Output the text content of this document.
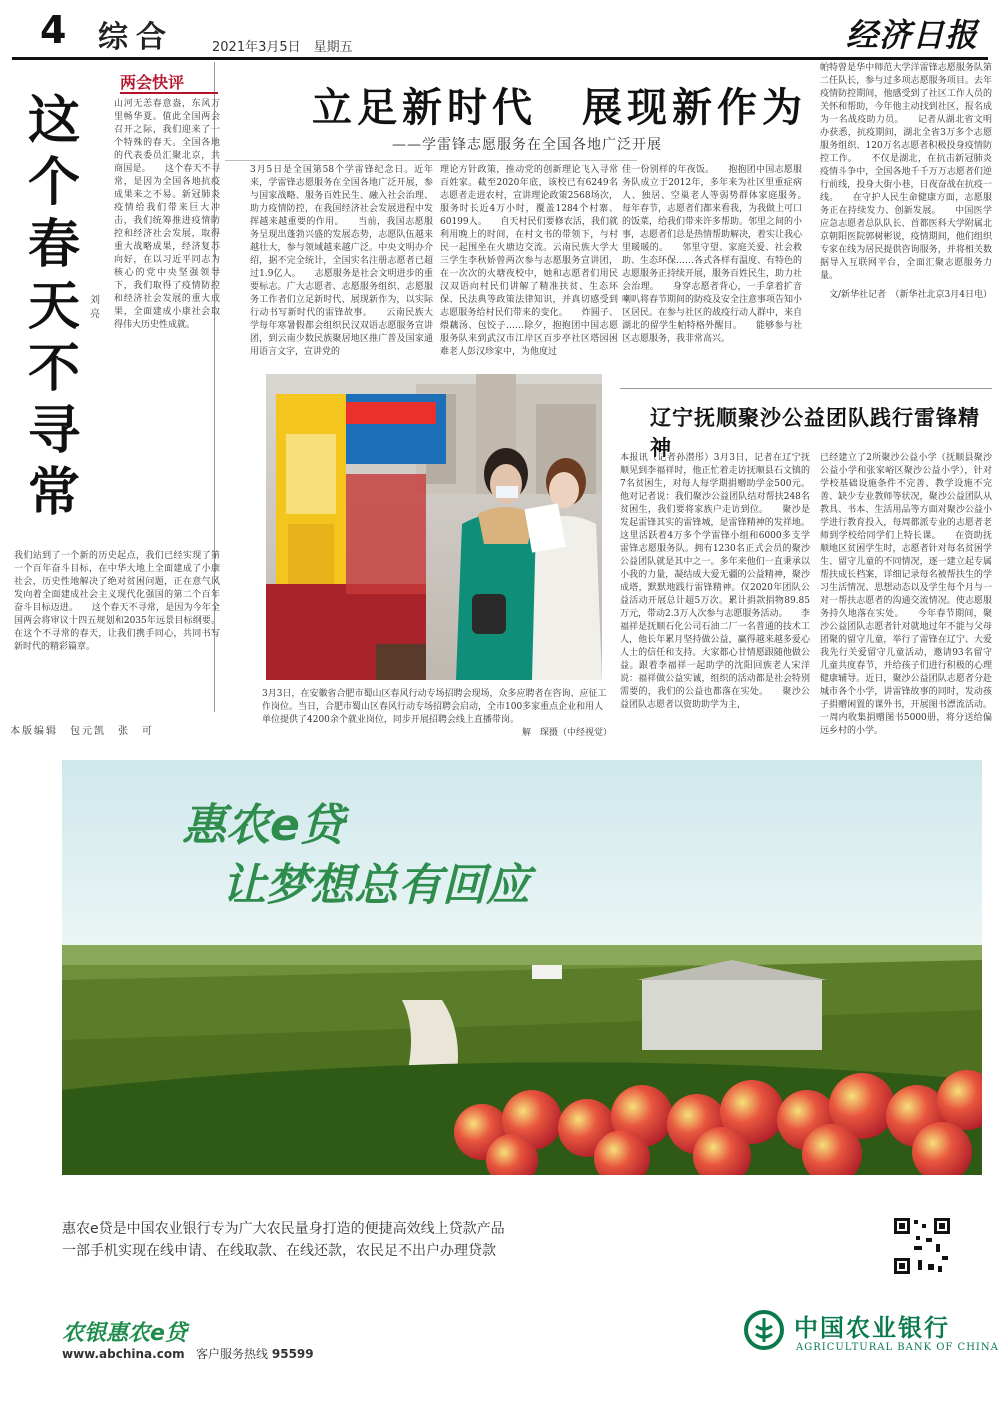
4 综合	2021年3月5日　星期五	经济日报
两会快评
这
个
春
天
不
寻
常
刘亮
山河无恙春意盎，东风万里畅华夏。值此全国两会召开之际，我们迎来了一个特殊的春天。全国各地的代表委员汇聚北京，共商国是。　　这个春天不寻常，是因为全国各地抗疫成果来之不易。新冠肺炎疫情给我们带来巨大冲击，我们统筹推进疫情防控和经济社会发展，取得重大战略成果，经济复苏向好，在以习近平同志为核心的党中央坚强领导下，我们取得了疫情防控和经济社会发展的重大成果，全面建成小康社会取得伟大历史性成就。
我们站到了一个新的历史起点，我们已经实现了第一个百年奋斗目标，在中华大地上全面建成了小康社会，历史性地解决了绝对贫困问题，正在意气风发向着全面建成社会主义现代化强国的第二个百年奋斗目标迈进。　　这个春天不寻常，是因为今年全国两会将审议十四五规划和2035年远景目标纲要。在这个不寻常的春天，让我们携手同心，共同书写新时代的精彩篇章。
本版编辑　包元凯　张　可
立足新时代　展现新作为
——学雷锋志愿服务在全国各地广泛开展
3月5日是全国第58个学雷锋纪念日。近年来，学雷锋志愿服务在全国各地广泛开展，参与国家战略、服务百姓民生、融入社会治理、助力疫情防控，在我国经济社会发展进程中发挥越来越重要的作用。　　当前，我国志愿服务呈现出蓬勃兴盛的发展态势，志愿队伍越来越壮大，参与领域越来越广泛。中央文明办介绍，据不完全统计，全国实名注册志愿者已超过1.9亿人。　　志愿服务是社会文明进步的重要标志。广大志愿者、志愿服务组织、志愿服务工作者们立足新时代、展现新作为，以实际行动书写新时代的雷锋故事。　　云南民族大学每年寒暑假都会组织民汉双语志愿服务宣讲团，到云南少数民族聚居地区推广普及国家通用语言文字，宣讲党的
理论方针政策，推动党的创新理论飞入寻常百姓家。截至2020年底，该校已有6249名志愿者走进农村，宣讲理论政策2568场次，服务时长近4万小时，覆盖1284个村寨、60199人。　　自天村民们要修农活，我们就利用晚上的时间，在村文书的带领下，与村民一起围坐在火塘边交流。云南民族大学大三学生李秋娇曾两次参与志愿服务宣讲团，在一次次的火塘夜校中，她和志愿者们用民汉双语向村民们讲解了精准扶贫、生态环保、民法典等政策法律知识，并真切感受到志愿服务给村民们带来的变化。　　炸圆子、煨藕汤、包饺子……除夕，抱抱团中国志愿服务队来到武汉市江岸区百步亭社区塔园困难老人彭汉珍家中，为他度过
佳一份别样的年夜饭。　　抱抱团中国志愿服务队成立于2012年，多年来为社区里重症病人、独居、空巢老人等弱势群体家庭服务。　　每年春节，志愿者们都来看我，为我做上可口的饭菜，给我们带来许多帮助。邻里之间的小事，志愿者们总是热情帮助解决，着实让我心里暖暖的。　　邻里守望、家庭关爱、社会救助、生态环保……各式各样有温度、有特色的志愿服务正持续开展，服务百姓民生，助力社会治理。　　身穿志愿者背心，一手拿着扩音喇叭将春节期间的防疫及安全注意事项告知小区居民。在参与社区的战疫行动人群中，来自湖北的留学生帕特格外醒目。　　能够参与社区志愿服务，我非常高兴。
3月3日，在安徽省合肥市蜀山区春风行动专场招聘会现场，众多应聘者在咨询、应征工作岗位。当日，合肥市蜀山区春风行动专场招聘会启动，全市100多家重点企业和用人单位提供了4200余个就业岗位，同步开展招聘会线上直播带岗。
解　琛摄（中经视觉）
帕特曾是华中师范大学洋雷锋志愿服务队第二任队长，参与过多项志愿服务项目。去年疫情防控期间，他感受到了社区工作人员的关怀和帮助，今年他主动找到社区，报名成为一名战疫助力员。　　记者从湖北省文明办获悉，抗疫期间，湖北全省3万多个志愿服务组织、120万名志愿者积极投身疫情防控工作。　　不仅是湖北，在抗击新冠肺炎疫情斗争中，全国各地千千万万志愿者们逆行前线，投身大街小巷，日夜奋战在抗疫一线。　　在守护人民生命健康方面，志愿服务正在持续发力、创新发展。　　中国医学应急志愿者总队队长、首都医科大学附属北京朝阳医院郭树彬说，疫情期间，他们组织专家在线为居民提供咨询服务，并将相关数据导入互联网平台，全面汇聚志愿服务力量。
文/新华社记者　（新华社北京3月4日电）
辽宁抚顺聚沙公益团队践行雷锋精神
本报讯（记者孙潜彤）3月3日，记者在辽宁抚顺见到李福祥时，他正忙着走访抚顺县石文镇的7名贫困生，对每人每学期捐赠助学金500元。他对记者说：我们聚沙公益团队结对帮扶248名贫困生，我们要将家族户走访到位。　　聚沙是发起雷锋其实的雷锋城，是雷锋精神的发祥地。这里活跃着4万多个学雷锋小组和6000多支学雷锋志愿服务队。拥有1230名正式会员的聚沙公益团队就是其中之一。多年来他们一直秉承以小我的力量，凝结成大爱无疆的公益精神，聚沙成塔，默默地践行雷锋精神。仅2020年团队公益活动开展总计超5万次。累计捐款捐物89.85万元，带动2.3万人次参与志愿服务活动。　　李福祥是抚顺石化公司石油二厂一名普通的技术工人，他长年累月坚持做公益，赢得越来越多爱心人士的信任和支持。大家都心甘情愿跟随他做公益。跟着李福祥一起助学的沈阳回族老人宋洋说：福祥做公益实诚，组织的活动都是社会特别需要的，我们的公益也都落在实处。　　聚沙公益团队志愿者以资助助学为主，
已经建立了2所聚沙公益小学（抚顺县聚沙公益小学和张家峪区聚沙公益小学），针对学校基础设施条件不完善、教学设施不完善、缺少专业教师等状况，聚沙公益团队从教具、书本、生活用品等方面对聚沙公益小学进行教育投入，每周都派专业的志愿者老师到学校给同学们上特长课。　　在资助抚顺地区贫困学生时，志愿者针对每名贫困学生、留守儿童的不同情况，逐一建立起专属帮扶成长档案，详细记录每名被帮扶生的学习生活情况、思想动态以及学生每个月与一对一帮扶志愿者的沟通交流情况。使志愿服务持久地落在实处。　　今年春节期间，聚沙公益团队志愿者针对就地过年不能与父母团聚的留守儿童，举行了雷锋在辽宁、大爱我先行关爱留守儿童活动，邀请93名留守儿童共度春节，并给孩子们进行积极的心理健康辅导。近日，聚沙公益团队志愿者分赴城市各个小学，讲雷锋故事的同时，发动孩子捐赠闲置的课外书，开展图书漂流活动。一周内收集捐赠图书5000册，将分送给偏远乡村的小学。
惠农e贷
让梦想总有回应
惠农e贷是中国农业银行专为广大农民量身打造的便捷高效线上贷款产品
一部手机实现在线申请、在线取款、在线还款，农民足不出户办理贷款
农银惠农e贷
www.abchina.com 客户服务热线 95599
中国农业银行
AGRICULTURAL BANK OF CHINA
